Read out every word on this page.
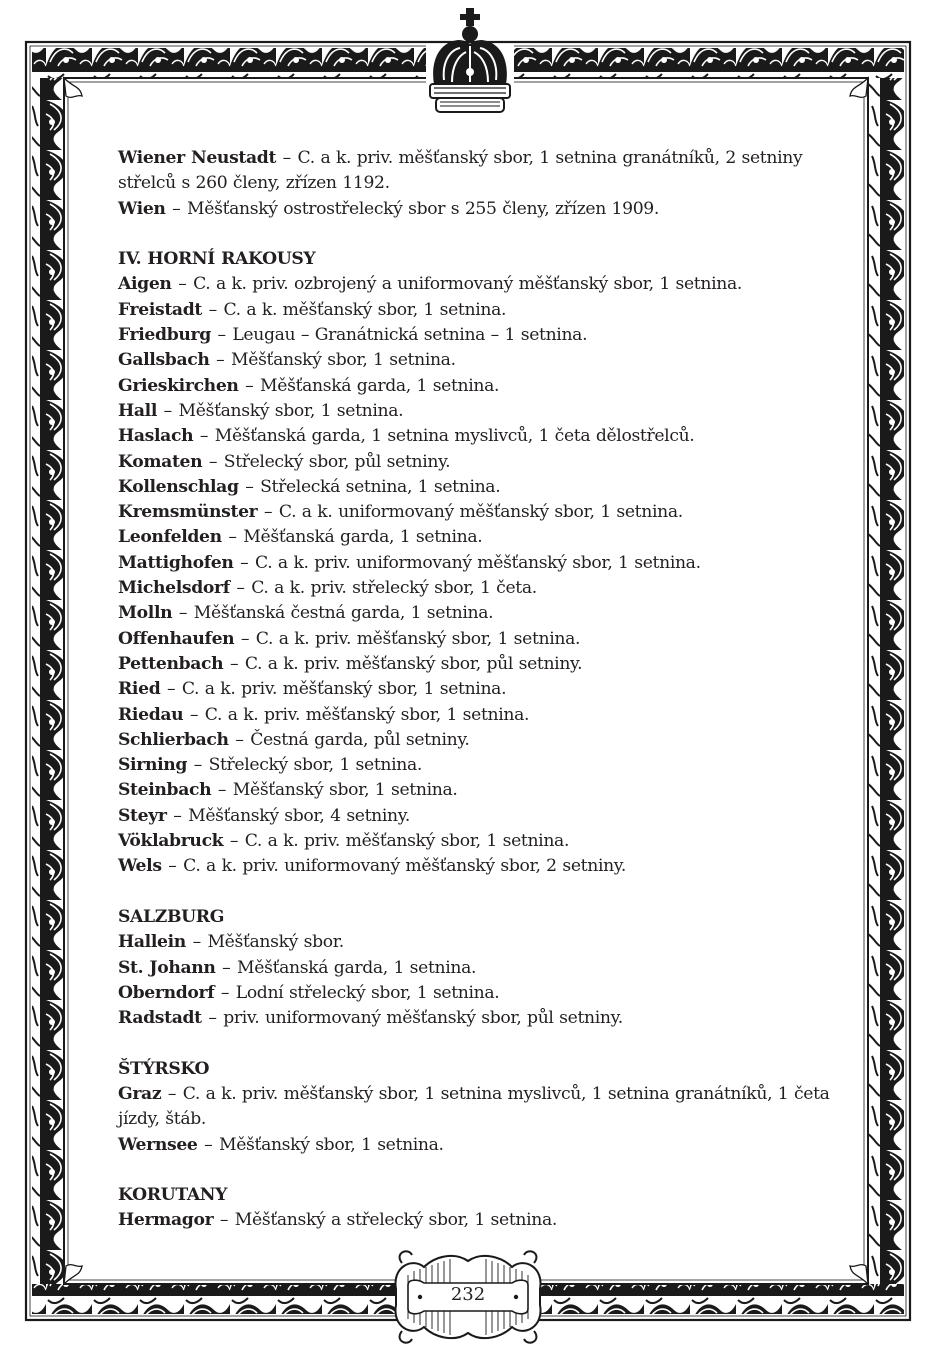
Wiener Neustadt – C. a k. priv. měšťanský sbor, 1 setnina granátníků, 2 setniny střelců s 260 členy, zřízen 1192.

Wien – Měšťanský ostrostřelecký sbor s 255 členy, zřízen 1909.

IV. HORNÍ RAKOUSY

Aigen – C. a k. priv. ozbrojený a uniformovaný měšťanský sbor, 1 setnina.

Freistadt – C. a k. měšťanský sbor, 1 setnina.

Friedburg – Leugau – Granátnická setnina – 1 setnina.

Gallsbach – Měšťanský sbor, 1 setnina.

Grieskirchen – Měšťanská garda, 1 setnina.

Hall – Měšťanský sbor, 1 setnina.

Haslach – Měšťanská garda, 1 setnina myslivců, 1 četa dělostřelců.

Komaten – Střelecký sbor, půl setniny.

Kollenschlag – Střelecká setnina, 1 setnina.

Kremsmünster – C. a k. uniformovaný měšťanský sbor, 1 setnina.

Leonfelden – Měšťanská garda, 1 setnina.

Mattighofen – C. a k. priv. uniformovaný měšťanský sbor, 1 setnina.

Michelsdorf – C. a k. priv. střelecký sbor, 1 četa.

Molln – Měšťanská čestná garda, 1 setnina.

Offenhaufen – C. a k. priv. měšťanský sbor, 1 setnina.

Pettenbach – C. a k. priv. měšťanský sbor, půl setniny.

Ried – C. a k. priv. měšťanský sbor, 1 setnina.

Riedau – C. a k. priv. měšťanský sbor, 1 setnina.

Schlierbach – Čestná garda, půl setniny.

Sirning – Střelecký sbor, 1 setnina.

Steinbach – Měšťanský sbor, 1 setnina.

Steyr – Měšťanský sbor, 4 setniny.

Vöklabruck – C. a k. priv. měšťanský sbor, 1 setnina.

Wels – C. a k. priv. uniformovaný měšťanský sbor, 2 setniny.

SALZBURG

Hallein – Měšťanský sbor.

St. Johann – Měšťanská garda, 1 setnina.

Oberndorf – Lodní střelecký sbor, 1 setnina.

Radstadt – priv. uniformovaný měšťanský sbor, půl setniny.

ŠTÝRSKO

Graz – C. a k. priv. měšťanský sbor, 1 setnina myslivců, 1 setnina granátníků, 1 četa jízdy, štáb.

Wernsee – Měšťanský sbor, 1 setnina.

KORUTANY

Hermagor – Měšťanský a střelecký sbor, 1 setnina.

232
